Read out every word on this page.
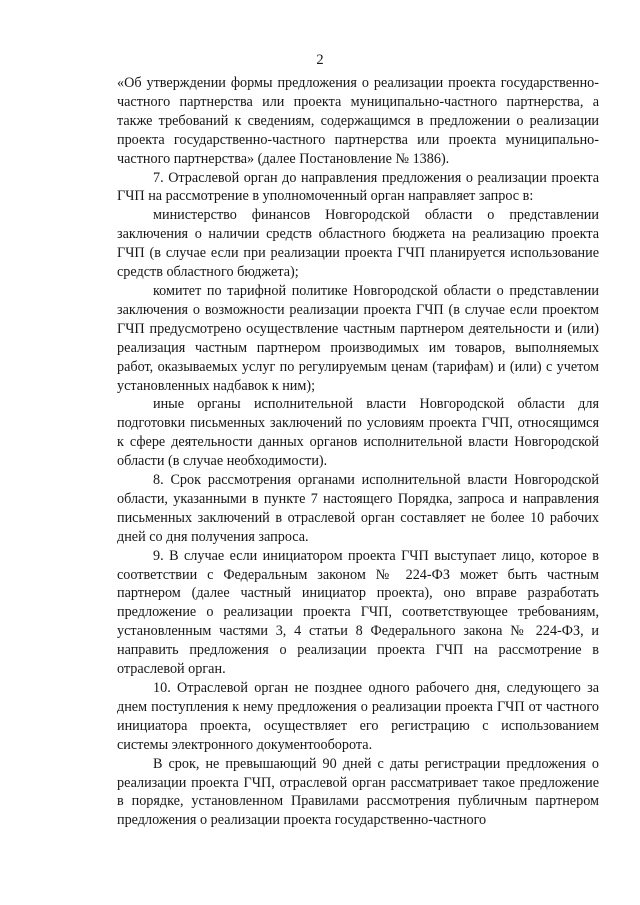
2

«Об утверждении формы предложения о реализации проекта государственно-частного партнерства или проекта муниципально-частного партнерства, а также требований к сведениям, содержащимся в предложении о реализации проекта государственно-частного партнерства или проекта муниципально-частного партнерства» (далее Постановление № 1386).

7. Отраслевой орган до направления предложения о реализации проекта ГЧП на рассмотрение в уполномоченный орган направляет запрос в:

министерство финансов Новгородской области о представлении заключения о наличии средств областного бюджета на реализацию проекта ГЧП (в случае если при реализации проекта ГЧП планируется использование средств областного бюджета);

комитет по тарифной политике Новгородской области о представлении заключения о возможности реализации проекта ГЧП (в случае если проектом ГЧП предусмотрено осуществление частным партнером деятельности и (или) реализация частным партнером производимых им товаров, выполняемых работ, оказываемых услуг по регулируемым ценам (тарифам) и (или) с учетом установленных надбавок к ним);

иные органы исполнительной власти Новгородской области для подготовки письменных заключений по условиям проекта ГЧП, относящимся к сфере деятельности данных органов исполнительной власти Новгородской области (в случае необходимости).

8. Срок рассмотрения органами исполнительной власти Новгородской области, указанными в пункте 7 настоящего Порядка, запроса и направления письменных заключений в отраслевой орган составляет не более 10 рабочих дней со дня получения запроса.

9. В случае если инициатором проекта ГЧП выступает лицо, которое в соответствии с Федеральным законом № 224-ФЗ может быть частным партнером (далее частный инициатор проекта), оно вправе разработать предложение о реализации проекта ГЧП, соответствующее требованиям, установленным частями 3, 4 статьи 8 Федерального закона № 224-ФЗ, и направить предложения о реализации проекта ГЧП на рассмотрение в отраслевой орган.

10. Отраслевой орган не позднее одного рабочего дня, следующего за днем поступления к нему предложения о реализации проекта ГЧП от частного инициатора проекта, осуществляет его регистрацию с использованием системы электронного документооборота.

В срок, не превышающий 90 дней с даты регистрации предложения о реализации проекта ГЧП, отраслевой орган рассматривает такое предложение в порядке, установленном Правилами рассмотрения публичным партнером предложения о реализации проекта государственно-частного
